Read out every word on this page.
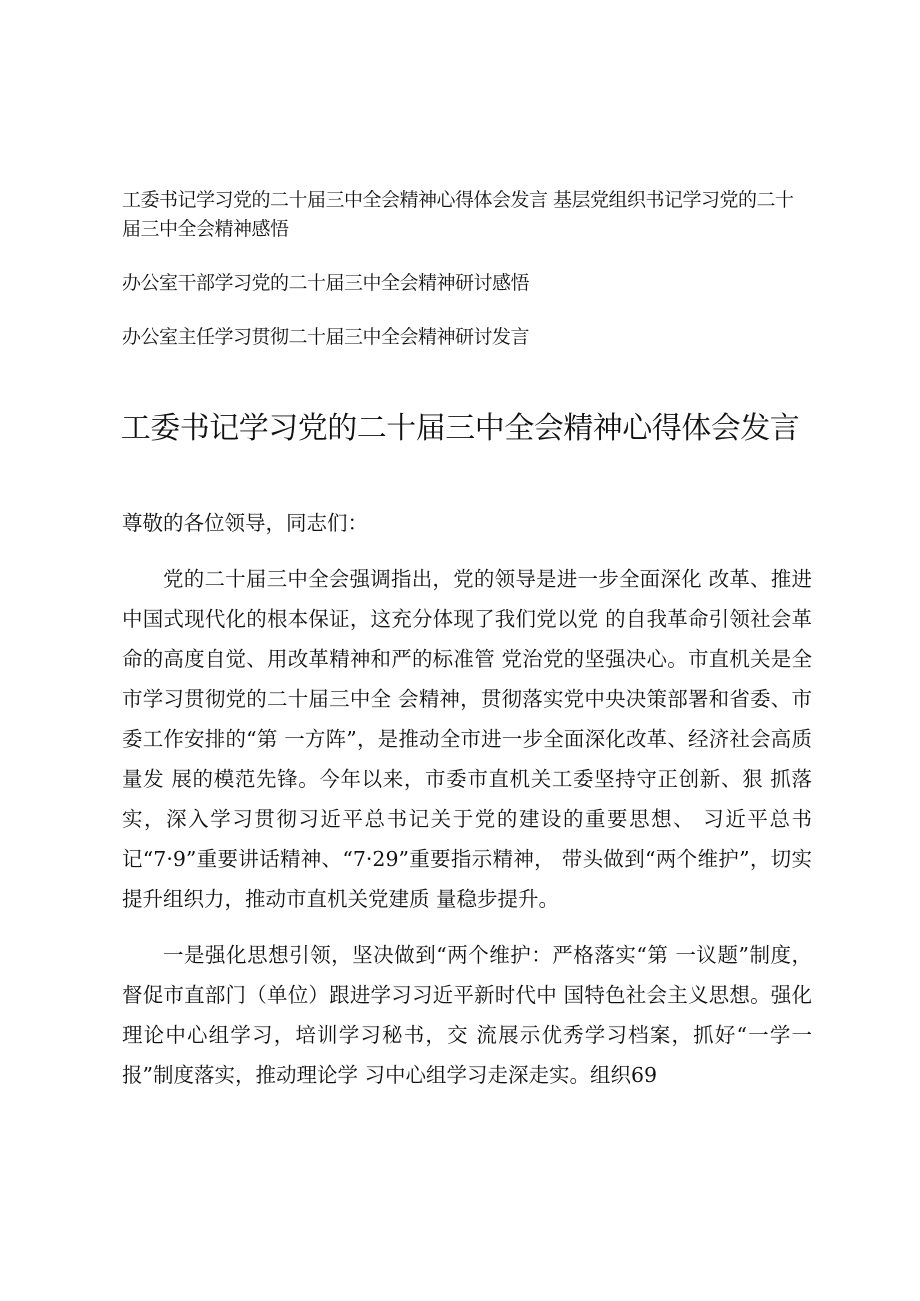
工委书记学习党的二十届三中全会精神心得体会发言 基层党组织书记学习党的二十届三中全会精神感悟

办公室干部学习党的二十届三中全会精神研讨感悟

办公室主任学习贯彻二十届三中全会精神研讨发言

工委书记学习党的二十届三中全会精神心得体会发言

尊敬的各位领导，同志们：

党的二十届三中全会强调指出，党的领导是进一步全面深化 改革、推进中国式现代化的根本保证，这充分体现了我们党以党 的自我革命引领社会革命的高度自觉、用改革精神和严的标准管 党治党的坚强决心。市直机关是全市学习贯彻党的二十届三中全 会精神，贯彻落实党中央决策部署和省委、市委工作安排的“第 一方阵”，是推动全市进一步全面深化改革、经济社会高质量发 展的模范先锋。今年以来，市委市直机关工委坚持守正创新、狠 抓落实，深入学习贯彻习近平总书记关于党的建设的重要思想、 习近平总书记“7·9”重要讲话精神、“7·29”重要指示精神， 带头做到“两个维护”，切实提升组织力，推动市直机关党建质 量稳步提升。

一是强化思想引领，坚决做到“两个维护：严格落实“第 一议题”制度，督促市直部门（单位）跟进学习习近平新时代中 国特色社会主义思想。强化理论中心组学习，培训学习秘书，交 流展示优秀学习档案，抓好“一学一报”制度落实，推动理论学 习中心组学习走深走实。组织69
